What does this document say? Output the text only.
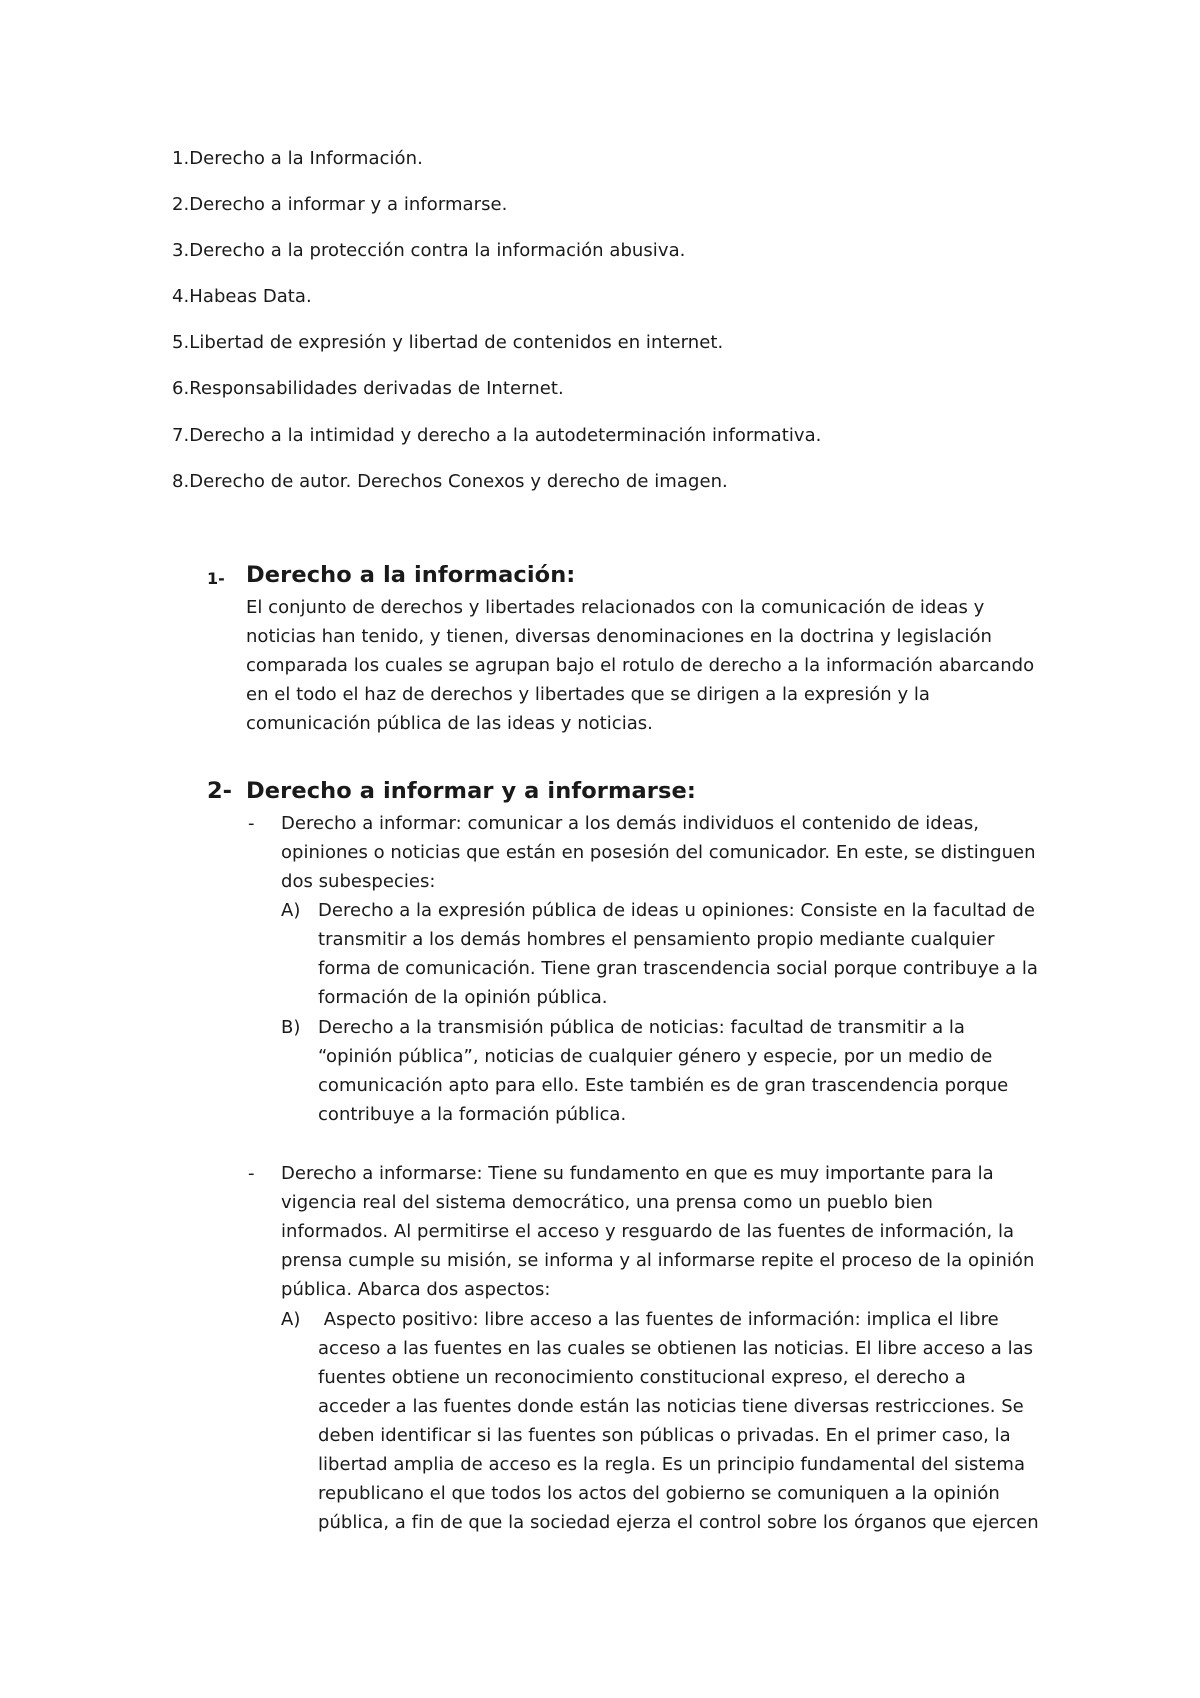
1.Derecho a la Información.
2.Derecho a informar y a informarse.
3.Derecho a la protección contra la información abusiva.
4.Habeas Data.
5.Libertad de expresión y libertad de contenidos en internet.
6.Responsabilidades derivadas de Internet.
7.Derecho a la intimidad y derecho a la autodeterminación informativa.
8.Derecho de autor. Derechos Conexos y derecho de imagen.
1- Derecho a la información:
El conjunto de derechos y libertades relacionados con la comunicación de ideas y
noticias han tenido, y tienen, diversas denominaciones en la doctrina y legislación
comparada los cuales se agrupan bajo el rotulo de derecho a la información abarcando
en el todo el haz de derechos y libertades que se dirigen a la expresión y la
comunicación pública de las ideas y noticias.
2- Derecho a informar y a informarse:
- Derecho a informar: comunicar a los demás individuos el contenido de ideas,
opiniones o noticias que están en posesión del comunicador. En este, se distinguen
dos subespecies:
A) Derecho a la expresión pública de ideas u opiniones: Consiste en la facultad de
transmitir a los demás hombres el pensamiento propio mediante cualquier
forma de comunicación. Tiene gran trascendencia social porque contribuye a la
formación de la opinión pública.
B) Derecho a la transmisión pública de noticias: facultad de transmitir a la
“opinión pública”, noticias de cualquier género y especie, por un medio de
comunicación apto para ello. Este también es de gran trascendencia porque
contribuye a la formación pública.
- Derecho a informarse: Tiene su fundamento en que es muy importante para la
vigencia real del sistema democrático, una prensa como un pueblo bien
informados. Al permitirse el acceso y resguardo de las fuentes de información, la
prensa cumple su misión, se informa y al informarse repite el proceso de la opinión
pública. Abarca dos aspectos:
A) Aspecto positivo: libre acceso a las fuentes de información: implica el libre
acceso a las fuentes en las cuales se obtienen las noticias. El libre acceso a las
fuentes obtiene un reconocimiento constitucional expreso, el derecho a
acceder a las fuentes donde están las noticias tiene diversas restricciones. Se
deben identificar si las fuentes son públicas o privadas. En el primer caso, la
libertad amplia de acceso es la regla. Es un principio fundamental del sistema
republicano el que todos los actos del gobierno se comuniquen a la opinión
pública, a fin de que la sociedad ejerza el control sobre los órganos que ejercen
